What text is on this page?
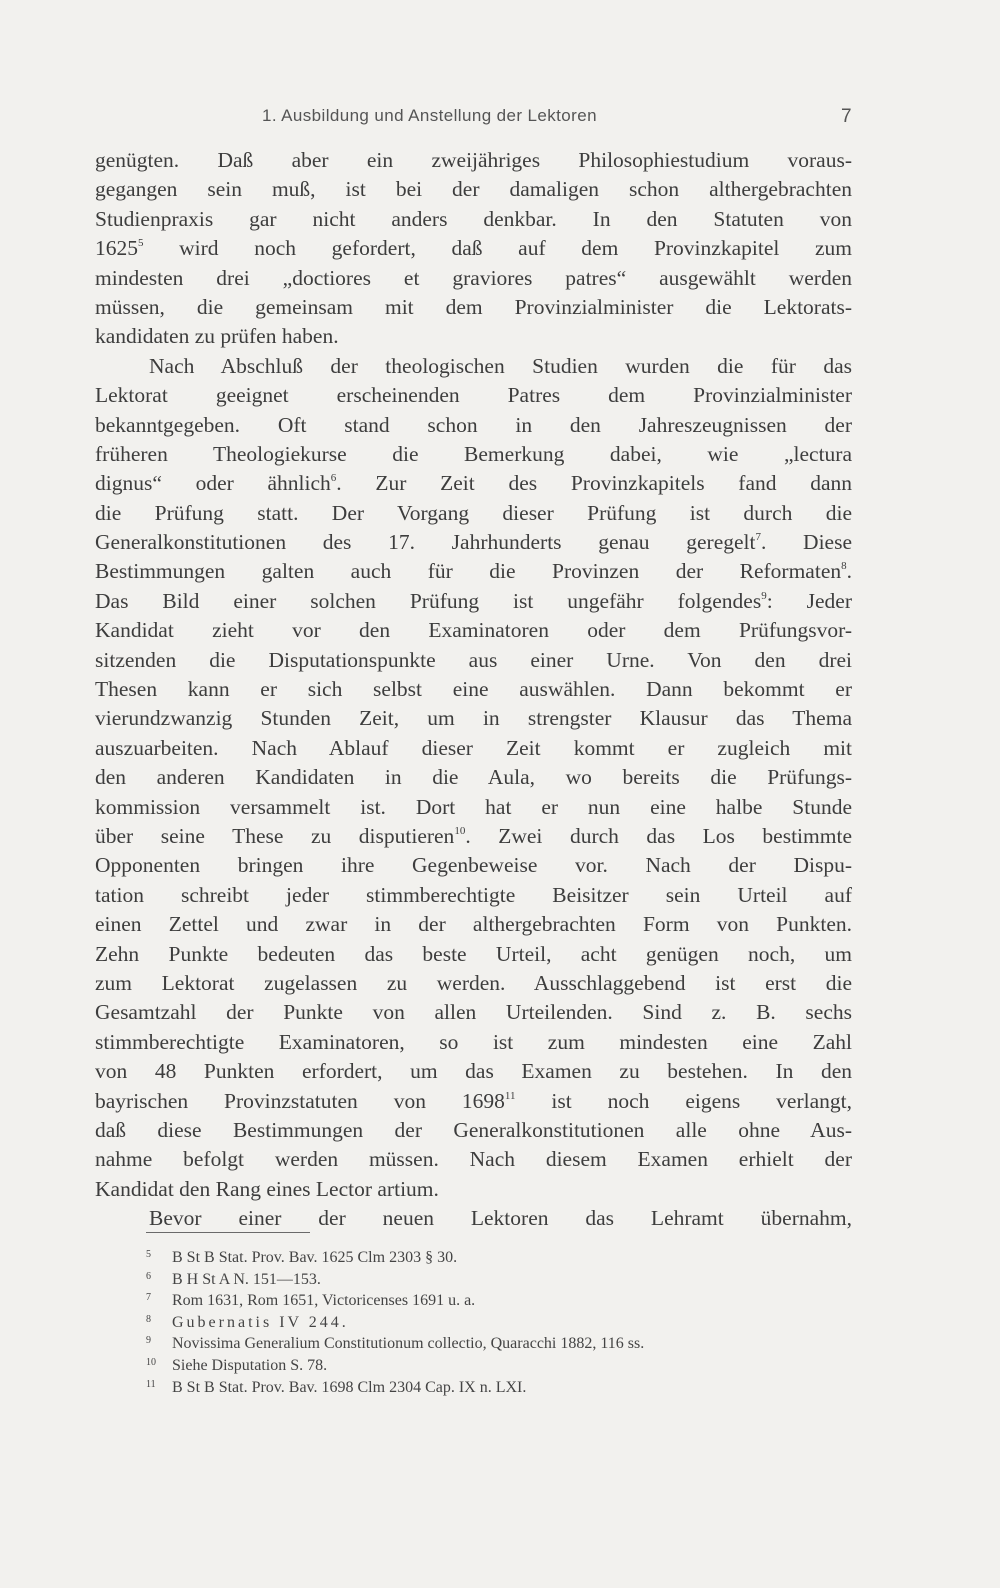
1. Ausbildung und Anstellung der Lektoren	7
genügten. Daß aber ein zweijähriges Philosophiestudium voraus-
gegangen sein muß, ist bei der damaligen schon althergebrachten
Studienpraxis gar nicht anders denkbar. In den Statuten von
1625$^5$ wird noch gefordert, daß auf dem Provinzkapitel zum
mindesten drei „doctiores et graviores patres“ ausgewählt werden
müssen, die gemeinsam mit dem Provinzialminister die Lektorats-
kandidaten zu prüfen haben.
Nach Abschluß der theologischen Studien wurden die für das
Lektorat geeignet erscheinenden Patres dem Provinzialminister
bekanntgegeben. Oft stand schon in den Jahreszeugnissen der
früheren Theologiekurse die Bemerkung dabei, wie „lectura
dignus“ oder ähnlich$^6$. Zur Zeit des Provinzkapitels fand dann
die Prüfung statt. Der Vorgang dieser Prüfung ist durch die
Generalkonstitutionen des 17. Jahrhunderts genau geregelt$^7$. Diese
Bestimmungen galten auch für die Provinzen der Reformaten$^8$.
Das Bild einer solchen Prüfung ist ungefähr folgendes$^9$: Jeder
Kandidat zieht vor den Examinatoren oder dem Prüfungsvor-
sitzenden die Disputationspunkte aus einer Urne. Von den drei
Thesen kann er sich selbst eine auswählen. Dann bekommt er
vierundzwanzig Stunden Zeit, um in strengster Klausur das Thema
auszuarbeiten. Nach Ablauf dieser Zeit kommt er zugleich mit
den anderen Kandidaten in die Aula, wo bereits die Prüfungs-
kommission versammelt ist. Dort hat er nun eine halbe Stunde
über seine These zu disputieren$^{10}$. Zwei durch das Los bestimmte
Opponenten bringen ihre Gegenbeweise vor. Nach der Dispu-
tation schreibt jeder stimmberechtigte Beisitzer sein Urteil auf
einen Zettel und zwar in der althergebrachten Form von Punkten.
Zehn Punkte bedeuten das beste Urteil, acht genügen noch, um
zum Lektorat zugelassen zu werden. Ausschlaggebend ist erst die
Gesamtzahl der Punkte von allen Urteilenden. Sind z. B. sechs
stimmberechtigte Examinatoren, so ist zum mindesten eine Zahl
von 48 Punkten erfordert, um das Examen zu bestehen. In den
bayrischen Provinzstatuten von 1698$^{11}$ ist noch eigens verlangt,
daß diese Bestimmungen der Generalkonstitutionen alle ohne Aus-
nahme befolgt werden müssen. Nach diesem Examen erhielt der
Kandidat den Rang eines Lector artium.
Bevor einer der neuen Lektoren das Lehramt übernahm,
5 B St B Stat. Prov. Bav. 1625 Clm 2303 § 30.
6 B H St A N. 151—153.
7 Rom 1631, Rom 1651, Victoricenses 1691 u. a.
8 Gubernatis IV 244.
9 Novissima Generalium Constitutionum collectio, Quaracchi 1882, 116 ss.
10 Siehe Disputation S. 78.
11 B St B Stat. Prov. Bav. 1698 Clm 2304 Cap. IX n. LXI.
